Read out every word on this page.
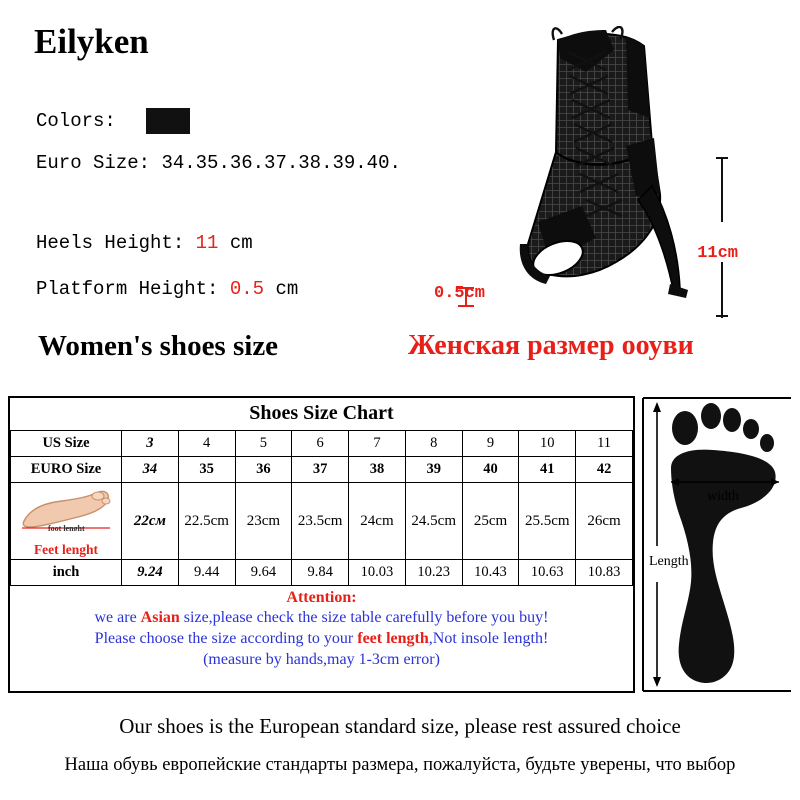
Eilyken
Colors:
Euro Size: 34.35.36.37.38.39.40.
Heels Height: 11 cm
Platform Height: 0.5 cm
11cm
0.5cm
Women's shoes size	Женская размер ооуви
Shoes Size Chart
US Size	3	4	5	6	7	8	9	10	11
EURO Size	34	35	36	37	38	39	40	41	42

foot lenght
Feet lenght	22cм	22.5cm	23cm	23.5cm	24cm	24.5cm	25cm	25.5cm	26cm
inch	9.24	9.44	9.64	9.84	10.03	10.23	10.43	10.63	10.83
Attention:
we are Asian size,please check the size table carefully before you buy!
Please choose the size according to your feet length,Not insole length!
(measure by hands,may 1-3cm error)
width
Length
Our shoes is the European standard size, please rest assured choice
Наша обувь европейские стандарты размера, пожалуйста, будьте уверены, что выбор
